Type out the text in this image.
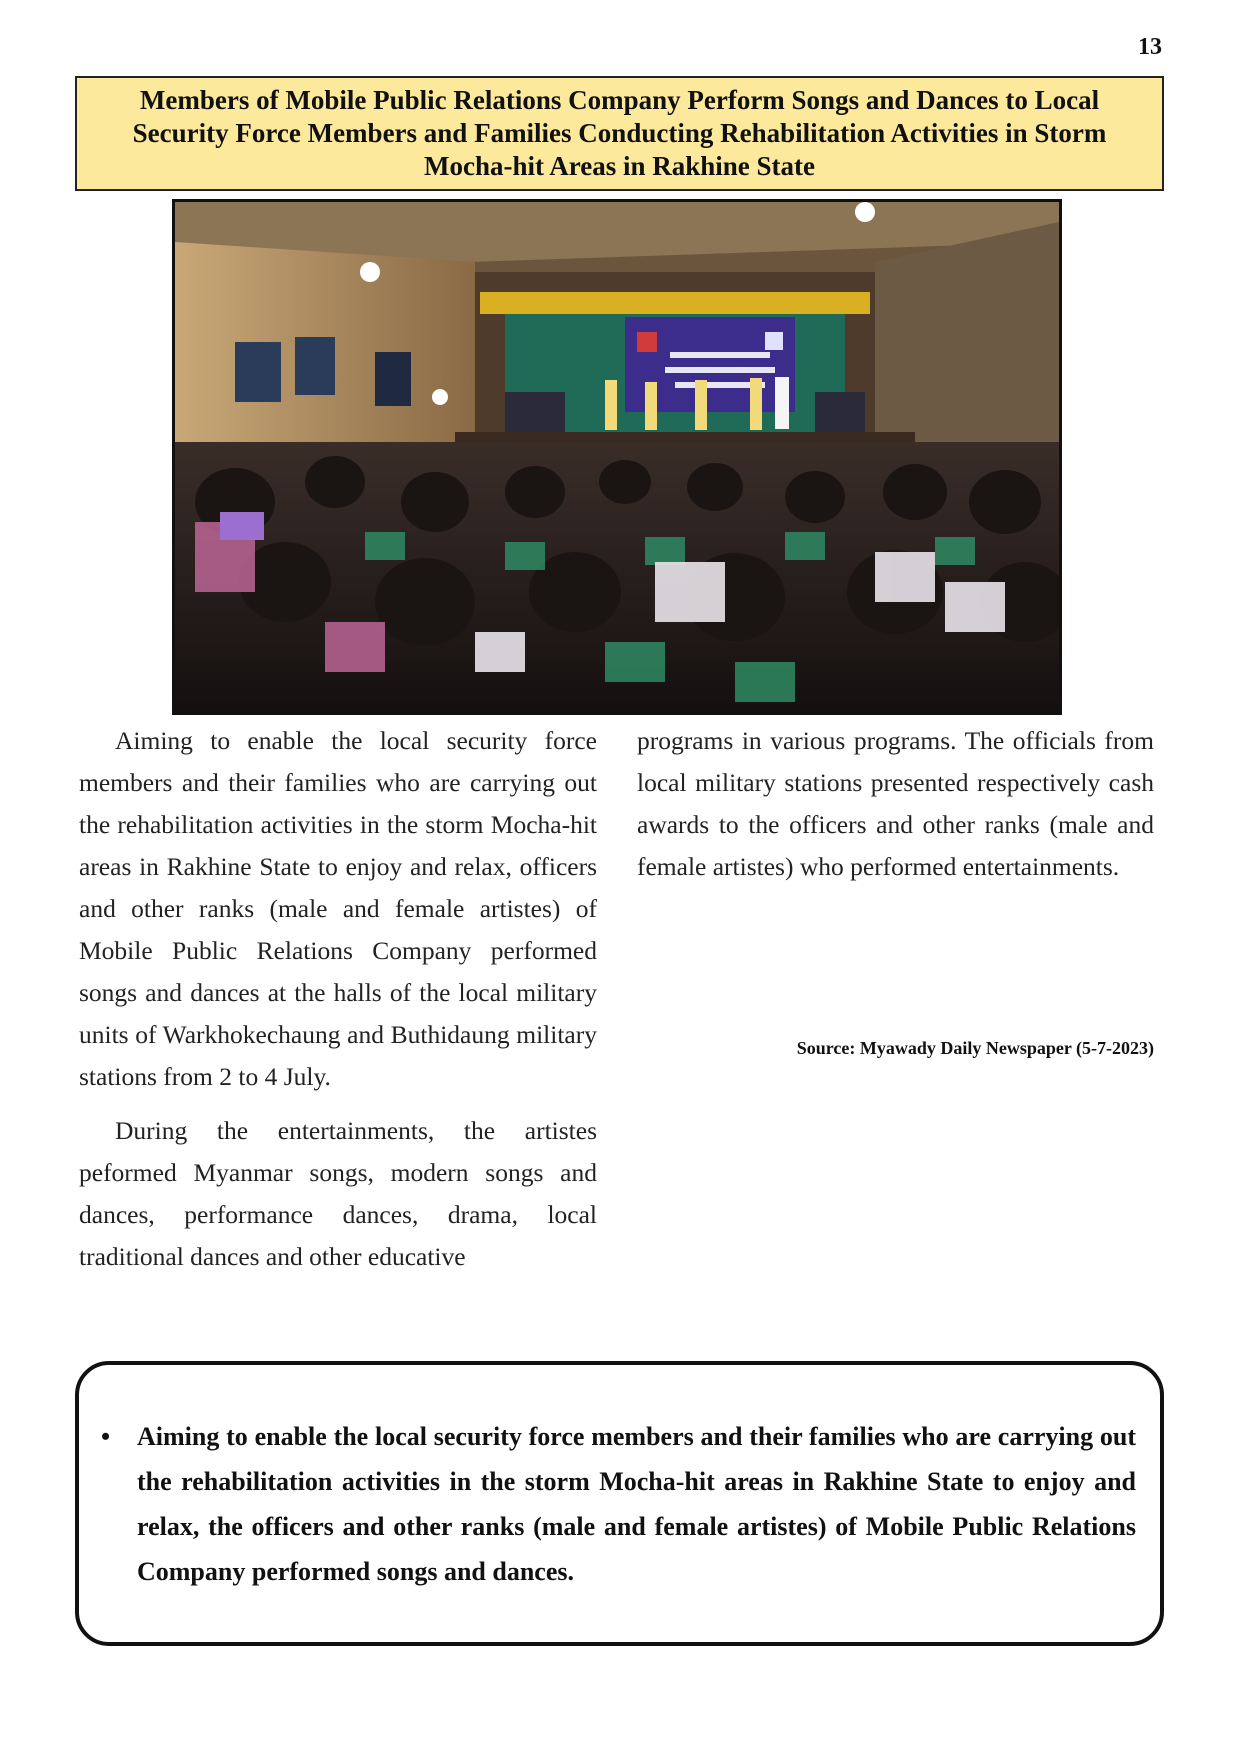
13
Members of Mobile Public Relations Company Perform Songs and Dances to Local Security Force Members and Families Conducting Rehabilitation Activities in Storm Mocha-hit Areas in Rakhine State

Aiming to enable the local security force members and their families who are carrying out the rehabilitation activities in the storm Mocha-hit areas in Rakhine State to enjoy and relax, officers and other ranks (male and female artistes) of Mobile Public Relations Company performed songs and dances at the halls of the local military units of Warkhokechaung and Buthidaung military stations from 2 to 4 July.

During the entertainments, the artistes peformed Myanmar songs, modern songs and dances, performance dances, drama, local traditional dances and other educative

programs in various programs. The officials from local military stations presented respectively cash awards to the officers and other ranks (male and female artistes) who performed entertainments.

Source: Myawady Daily Newspaper (5-7-2023)
• Aiming to enable the local security force members and their families who are carrying out the rehabilitation activities in the storm Mocha-hit areas in Rakhine State to enjoy and relax, the officers and other ranks (male and female artistes) of Mobile Public Relations Company performed songs and dances.
